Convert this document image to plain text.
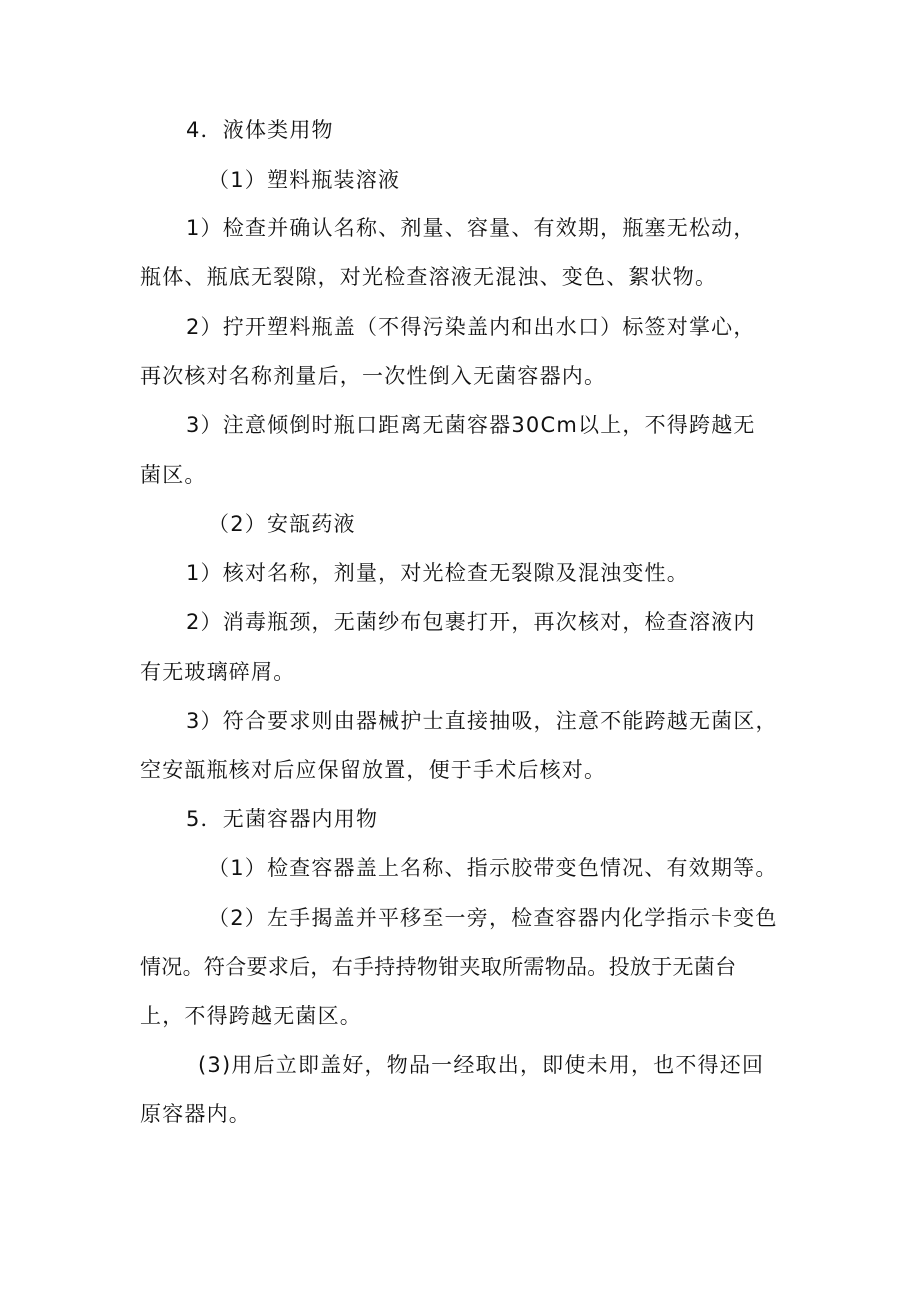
4．液体类用物
（1）塑料瓶装溶液
1）检查并确认名称、剂量、容量、有效期，瓶塞无松动，
瓶体、瓶底无裂隙，对光检查溶液无混浊、变色、絮状物。
2）拧开塑料瓶盖（不得污染盖内和出水口）标签对掌心，
再次核对名称剂量后，一次性倒入无菌容器内。
3）注意倾倒时瓶口距离无菌容器30Cm以上，不得跨越无
菌区。
（2）安瓿药液
1）核对名称，剂量，对光检查无裂隙及混浊变性。
2）消毒瓶颈，无菌纱布包裹打开，再次核对，检查溶液内
有无玻璃碎屑。
3）符合要求则由器械护士直接抽吸，注意不能跨越无菌区，
空安瓿瓶核对后应保留放置，便于手术后核对。
5．无菌容器内用物
（1）检查容器盖上名称、指示胶带变色情况、有效期等。
（2）左手揭盖并平移至一旁，检查容器内化学指示卡变色
情况。符合要求后，右手持持物钳夹取所需物品。投放于无菌台
上，不得跨越无菌区。
(3)用后立即盖好，物品一经取出，即使未用，也不得还回
原容器内。
